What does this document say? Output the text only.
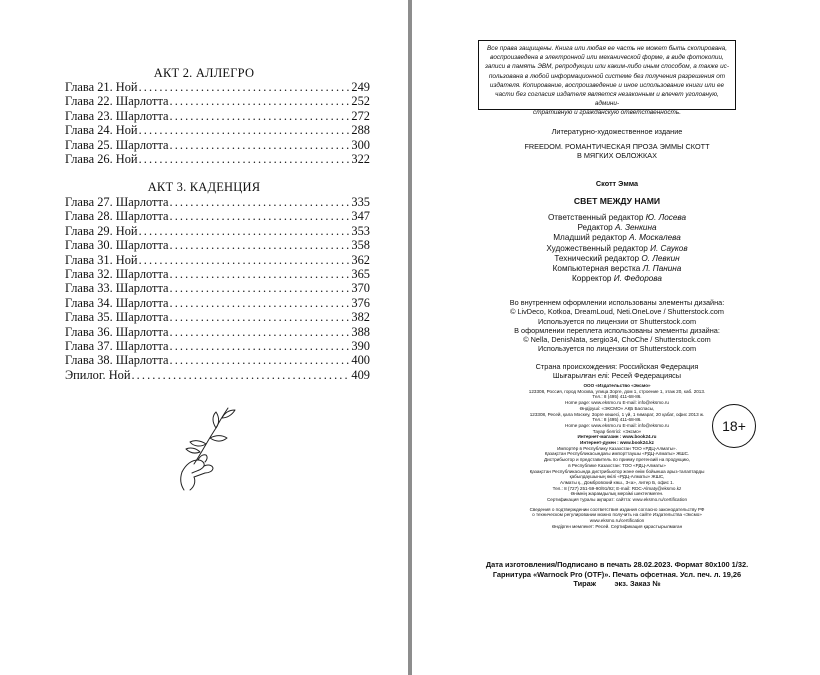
АКТ 2. АЛЛЕГРО
Глава 21. Ной . . .	249
Глава 22. Шарлотта . . .	252
Глава 23. Шарлотта . . .	272
Глава 24. Ной . . .	288
Глава 25. Шарлотта . . .	300
Глава 26. Ной . . .	322
АКТ 3. КАДЕНЦИЯ
Глава 27. Шарлотта . . .	335
Глава 28. Шарлотта . . .	347
Глава 29. Ной . . .	353
Глава 30. Шарлотта . . .	358
Глава 31. Ной . . .	362
Глава 32. Шарлотта . . .	365
Глава 33. Шарлотта . . .	370
Глава 34. Шарлотта . . .	376
Глава 35. Шарлотта . . .	382
Глава 36. Шарлотта . . .	388
Глава 37. Шарлотта . . .	390
Глава 38. Шарлотта . . .	400
Эпилог. Ной . . .	409
Все права защищены. Книга или любая ее часть не может быть скопирована,
воспроизведена в электронной или механической форме, в виде фотокопии,
записи в память ЭВМ, репродукции или каким-либо иным способом, а также ис-
пользована в любой информационной системе без получения разрешения от
издателя. Копирование, воспроизведение и иное использование книги или ее
части без согласия издателя является незаконным и влечет уголовную, админи-
стративную и гражданскую ответственность.
Литературно-художественное издание
FREEDOM. РОМАНТИЧЕСКАЯ ПРОЗА ЭММЫ СКОТТ
В МЯГКИХ ОБЛОЖКАХ
Скотт Эмма
СВЕТ МЕЖДУ НАМИ
Ответственный редактор Ю. Лосева
Редактор А. Зенкина
Младший редактор А. Москалева
Художественный редактор И. Сауков
Технический редактор О. Левкин
Компьютерная верстка Л. Панина
Корректор И. Федорова
Во внутреннем оформлении использованы элементы дизайна:
© LivDeco, Kotkoa, DreamLoud, Neti.OneLove / Shutterstock.com
Используется по лицензии от Shutterstock.com
В оформлении переплета использованы элементы дизайна:
© Nella, DenisNata, sergio34, ChoChe / Shutterstock.com
Используется по лицензии от Shutterstock.com
Страна происхождения: Российская Федерация
Шығарылған елі: Ресей Федерациясы
ООО «Издательство «Эксмо»
123308, Россия, город Москва, улица Зорге, дом 1, строение 1, этаж 20, каб. 2013.
Тел.: 8 (495) 411-68-86.
Home page: www.eksmo.ru E-mail: info@eksmo.ru
Өндіруші: «ЭКСМО» АҚБ Баспасы,
123308, Ресей, қала Мәскеу, Зорге көшесі, 1 үй, 1 ғимарат, 20 қабат, офис 2013 ж.
Тел.: 8 (495) 411-68-86.
Home page: www.eksmo.ru E-mail: info@eksmo.ru
Тауар белгісі: «Эксмо»
Интернет-магазин : www.book24.ru
Интернет-дүкен : www.book24.kz
Импортёр в Республику Казахстан ТОО «РДЦ-Алматы».
Қазақстан Республикасындағы импорттаушы «РДЦ-Алматы» ЖШС.
Дистрибьютор и представитель по приему претензий на продукцию,
в Республике Казахстан: ТОО «РДЦ-Алматы»
Қазақстан Республикасында дистрибьютор және өнім бойынша арыз-талаптарды
қабылдаушының өкілі «РДЦ-Алматы» ЖШС,
Алматы қ., Домбровский көш., 3«а», литер Б, офис 1.
Тел.: 8 (727) 251-59-90/91/92; E-mail: RDC-Almaty@eksmo.kz
Өнімнің жарамдылық мерзімі шектелмеген.
Сертификация туралы ақпарат: сайтта: www.eksmo.ru/certification
Сведения о подтверждении соответствия издания согласно законодательству РФ
о техническом регулировании можно получить на сайте Издательства «Эксмо»
www.eksmo.ru/certification
Өндірген мемлекет: Ресей. Сертификация қарастырылмаған
18+
Дата изготовления/Подписано в печать 28.02.2023. Формат 80x100 1/32.
Гарнитура «Warnock Pro (OTF)». Печать офсетная. Усл. печ. л. 19,26
Тираж         экз. Заказ №
